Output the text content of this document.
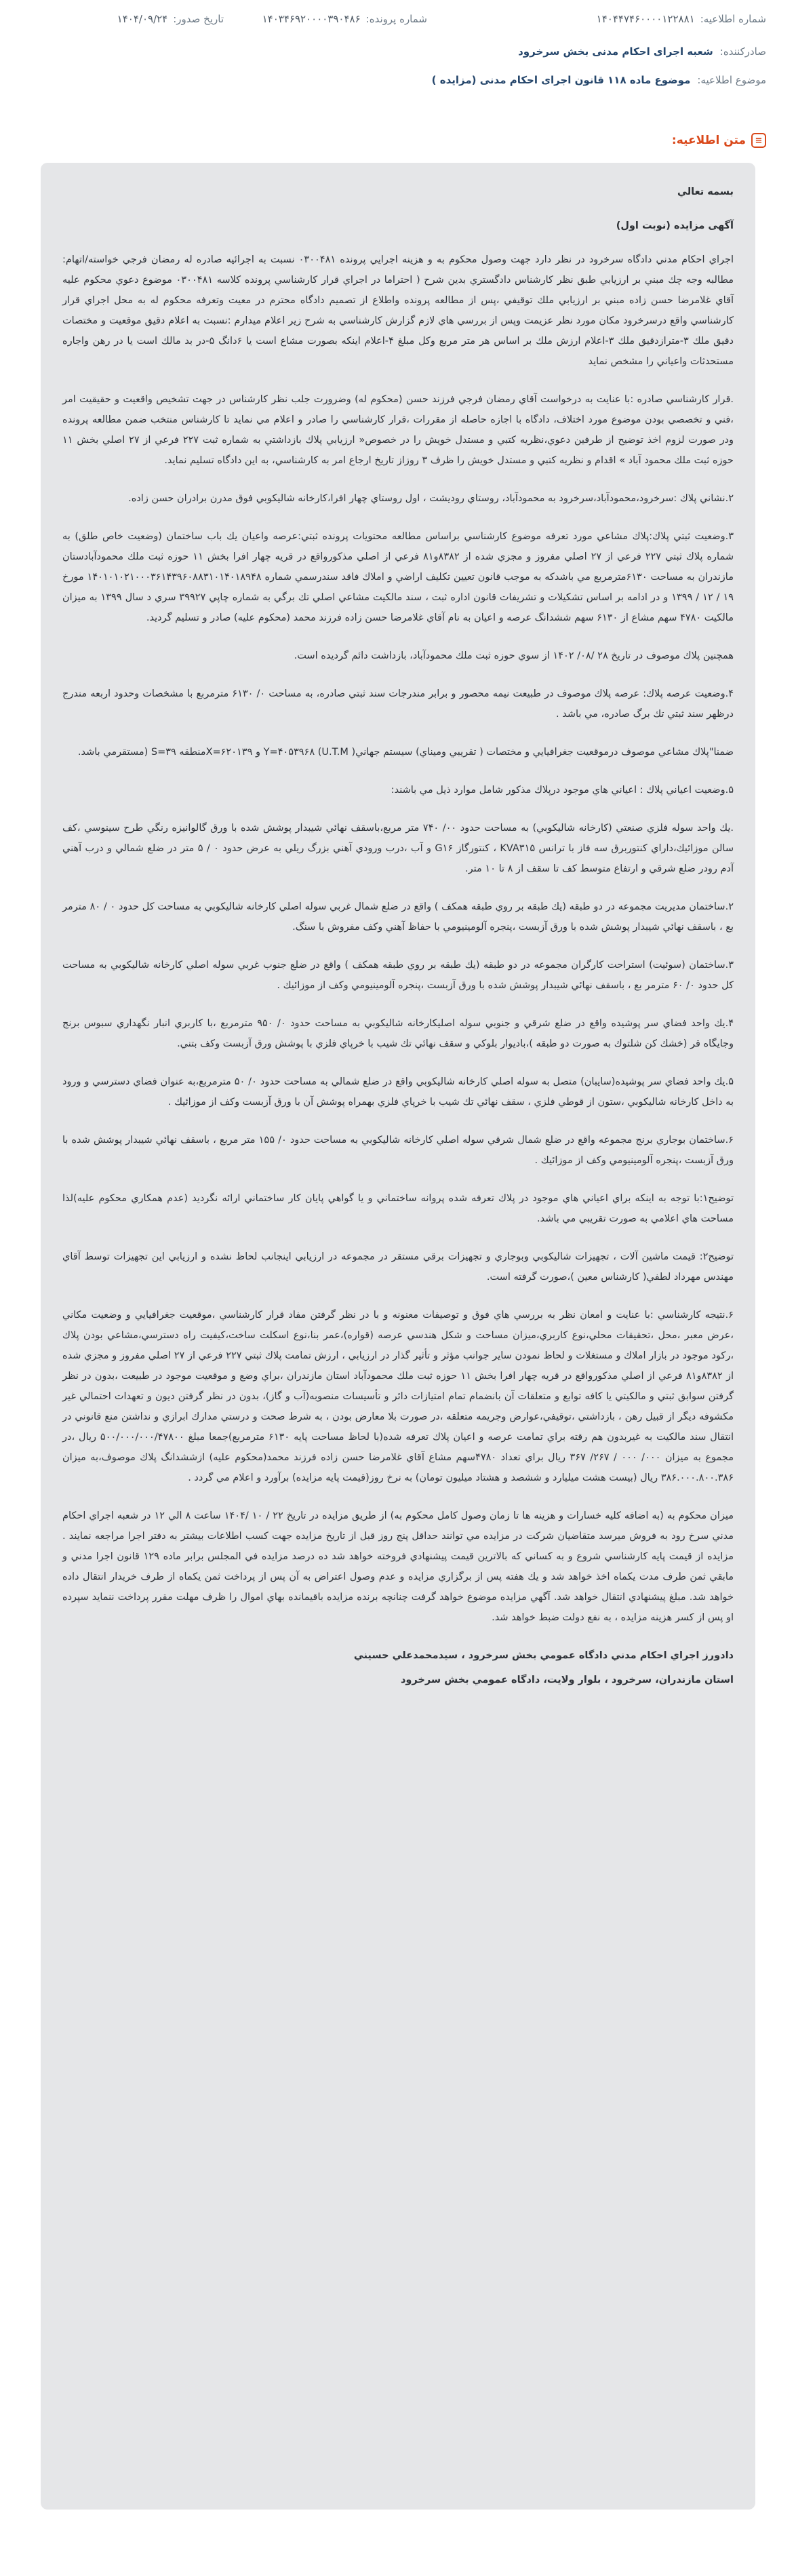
شماره اطلاعیه:
۱۴۰۴۴۷۴۶۰۰۰۰۱۲۲۸۸۱
شماره پرونده:
۱۴۰۳۴۶۹۲۰۰۰۰۳۹۰۴۸۶
تاریخ صدور:
۱۴۰۴/۰۹/۲۴
صادرکننده:
شعبه اجرای احکام مدنی بخش سرخرود
موضوع اطلاعیه:
موضوع ماده ۱۱۸ قانون اجرای احکام مدنی (مزایده )
≡
متن اطلاعیه:

بسمه تعالي

آگهی مزایده (نوبت اول)

اجراي احكام مدني دادگاه سرخرود در نظر دارد جهت وصول محكوم به و هزينه اجرايي پرونده ۰۳۰۰۴۸۱ نسبت به اجرائيه صادره له رمضان فرجي خواسته/اتهام: مطالبه وجه چك مبني بر ارزيابي طبق نظر كارشناس دادگستري بدين شرح ( احتراما در اجراي قرار كارشناسي پرونده كلاسه ۰۳۰۰۴۸۱ موضوع دعوي محكوم عليه آقاي غلامرضا حسن زاده مبني بر ارزيابي ملك توقيفي ،پس از مطالعه پرونده واطلاع از تصميم دادگاه محترم در معيت وتعرفه محكوم له به محل اجراي قرار كارشناسي واقع درسرخرود مكان مورد نظر عزيمت وپس از بررسي هاي لازم گزارش كارشناسي به شرح زير اعلام ميدارم :نسبت به اعلام دقيق موقعيت و مختصات دقيق ملك ۳-مترازدقيق ملك ۳-اعلام ارزش ملك بر اساس هر متر مربع وكل مبلغ ۴-اعلام اينكه بصورت مشاع است يا ۶دانگ ۵-در بد مالك است يا در رهن واجاره مستحدثات واعياني را مشخص نمايد

.قرار كارشناسي صادره :با عنايت به درخواست آقاي رمضان فرجي فرزند حسن (محكوم له) وضرورت جلب نظر كارشناس در جهت تشخيص واقعيت و حقيقيت امر ،فني و تخصصي بودن موضوع مورد اختلاف، دادگاه با اجازه حاصله از مقررات ،قرار كارشناسي را صادر و اعلام مي نمايد تا كارشناس منتخب ضمن مطالعه پرونده ودر صورت لزوم اخذ توضيح از طرفين دعوي،نظريه كتبي و مستدل خويش را در خصوص« ارزيابي پلاك بازداشتي به شماره ثبت ۲۲۷ فرعي از ۲۷ اصلي بخش ۱۱ حوزه ثبت ملك محمود آباد » اقدام و نظريه كتبي و مستدل خويش را ظرف ۳ روزاز تاريخ ارجاع امر به كارشناسي، به اين دادگاه تسليم نمايد.

۲.نشاني پلاك :سرخرود،محمودآباد،سرخرود به محمودآباد، روستاي روديشت ، اول روستاي چهار افرا،كارخانه شاليكوبي فوق مدرن برادران حسن زاده.

۳.وضعيت ثبتي پلاك:پلاك مشاعي مورد تعرفه موضوع كارشناسي براساس مطالعه محتويات پرونده ثبتي:عرصه واعيان يك باب ساختمان (وضعيت خاص طلق) به شماره پلاك ثبتي ۲۲۷ فرعي از ۲۷ اصلي مفروز و مجزي شده از ۸۳۸۲و۸۱ فرعي از اصلي مذكورواقع در قريه چهار افرا بخش ۱۱ حوزه ثبت ملك محمودآبادستان مازندران به مساحت ۶۱۳۰مترمربع مي باشدكه به موجب قانون تعيين تكليف اراضي و املاك فاقد سندرسمي شماره ۱۴۰۱۰۱۰۲۱۰۰۰۳۶۱۴۳۹۶۰۸۸۳۱۰۱۴۰۱۸۹۴۸ مورخ ۱۹ / ۱۲ / ۱۳۹۹ و در ادامه بر اساس تشكيلات و تشريفات قانون اداره ثبت ، سند مالكيت مشاعي اصلي تك برگي به شماره چاپي ۳۹۹۲۷ سري د سال ۱۳۹۹ به ميزان مالكيت ۴۷۸۰ سهم مشاع از ۶۱۳۰ سهم ششدانگ عرصه و اعيان به نام آقاي غلامرضا حسن زاده فرزند محمد (محكوم عليه) صادر و تسليم گرديد.

همچنين پلاك موصوف در تاريخ ۲۸ /۰۸/ ۱۴۰۲ از سوي حوزه ثبت ملك محمودآباد، بازداشت دائم گرديده است.

۴.وضعيت عرصه پلاك: عرصه پلاك موصوف در طبيعت نيمه محصور و برابر مندرجات سند ثبتي صادره، به مساحت ۰/ ۶۱۳۰ مترمربع با مشخصات وحدود اربعه مندرج درظهر سند ثبتي تك برگ صادره، مي باشد .

ضمنا"پلاك مشاعي موصوف درموقعيت جغرافيايي و مختصات ( تقريبي وميناي) سيستم جهاني( U.T.M) Y=۴۰۵۳۹۶۸ و X=۶۲۰۱۳۹منطقه S=۳۹ (مستقرمي باشد.

۵.وضعيت اعياني پلاك : اعياني هاي موجود درپلاك مذكور شامل موارد ذيل مي باشند:

.يك واحد سوله فلزي صنعتي (كارخانه شاليكوبي) به مساحت حدود ۰۰/ ۷۴۰ متر مربع،باسقف نهائي شيبدار پوشش شده با ورق گالوانيزه رنگي طرح سينوسي ،كف سالن موزائيك،داراي كنتوربرق سه فاز با ترانس KVA۳۱۵ ، كنتورگاز G۱۶ و آب ،درب ورودي آهني بزرگ ريلي به عرض حدود ۰ / ۵ متر در ضلع شمالي و درب آهني آدم رودر ضلع شرقي و ارتفاع متوسط كف تا سقف از ۸ تا ۱۰ متر.

۲.ساختمان مديريت مجموعه در دو طبقه (يك طبقه بر روي طبقه همكف ) واقع در ضلع شمال غربي سوله اصلي كارخانه شاليكوبي به مساحت كل حدود ۰ / ۸۰ مترمر بع ، باسقف نهائي شيبدار پوشش شده با ورق آزبست ،پنجره آلومينيومي با حفاظ آهني وكف مفروش با سنگ.

۳.ساختمان (سوئيت) استراحت كارگران مجموعه در دو طبقه (يك طبقه بر روي طبقه همكف ) واقع در ضلع جنوب غربي سوله اصلي كارخانه شاليكوبي به مساحت كل حدود ۰/ ۶۰ مترمر بع ، باسقف نهائي شيبدار پوشش شده با ورق آزبست ،پنجره آلومينيومي وكف از موزائيك .

۴.يك واحد فضاي سر پوشيده واقع در ضلع شرقي و جنوبي سوله اصليكارخانه شاليكوبي به مساحت حدود ۰/ ۹۵۰ مترمربع ،با كاربري انبار نگهداري سبوس برنج وجايگاه قر (خشك كن شلتوك به صورت دو طبقه )،باديوار بلوكي و سقف نهائي تك شيب با خرپاي فلزي با پوشش ورق آزبست وكف بتني.

۵.يك واحد فضاي سر پوشيده(سايبان) متصل به سوله اصلي كارخانه شاليكوبي واقع در ضلع شمالي به مساحت حدود ۰/ ۵۰ مترمربع،به عنوان فضاي دسترسي و ورود به داخل كارخانه شاليكوبي ،ستون از قوطي فلزي ، سقف نهائي تك شيب با خرپاي فلزي بهمراه پوشش آن با ورق آزبست وكف از موزائيك .

۶.ساختمان بوجاري برنج مجموعه واقع در ضلع شمال شرقي سوله اصلي كارخانه شاليكوبي به مساحت حدود ۰/ ۱۵۵ متر مربع ، باسقف نهائي شيبدار پوشش شده با ورق آزبست ،پنجره آلومينيومي وكف از موزائيك .

توضيح۱:با توجه به اينكه براي اعياني هاي موجود در پلاك تعرفه شده پروانه ساختماني و يا گواهي پايان كار ساختماني ارائه نگرديد (عدم همكاري محكوم عليه)لذا مساحت هاي اعلامي به صورت تقريبي مي باشد.

توضيح۲: قيمت ماشين آلات ، تجهيزات شاليكوبي وبوجاري و تجهيزات برقي مستقر در مجموعه در ارزيابي اينجانب لحاظ نشده و ارزيابي اين تجهيزات توسط آقاي مهندس مهرداد لطفي( كارشناس معين )،صورت گرفته است.

۶.نتيجه كارشناسي :با عنايت و امعان نظر به بررسي هاي فوق و توصيفات معنونه و با در نظر گرفتن مفاد قرار كارشناسي ،موقعيت جغرافيايي و وضعيت مكاني ،عرض معبر ،محل ،تحقيقات محلي،نوع كاربري،ميزان مساحت و شكل هندسي عرصه (قواره)،عمر بنا،نوع اسكلت ساخت،كيفيت راه دسترسي،مشاعي بودن پلاك ،ركود موجود در بازار املاك و مستغلات و لحاظ نمودن ساير جوانب مؤثر و تأثير گذار در ارزيابي ، ارزش تمامت پلاك ثبتي ۲۲۷ فرعي از ۲۷ اصلي مفروز و مجزي شده از ۸۳۸۲و۸۱ فرعي از اصلي مذكورواقع در قريه چهار افرا بخش ۱۱ حوزه ثبت ملك محمودآباد استان مازندران ،براي وضع و موقعيت موجود در طبيعت ،بدون در نظر گرفتن سوابق ثبتي و مالكيتي يا كافه توابع و متعلقات آن بانضمام تمام امتيازات دائر و تأسيسات منصوبه(آب و گاز)، بدون در نظر گرفتن ديون و تعهدات احتمالي غير مكشوفه ديگر از قبيل رهن ، بازداشتي ،توقيفي،عوارض وجريمه متعلقه ،در صورت بلا معارض بودن ، به شرط صحت و درستي مدارك ابرازي و نداشتن منع قانوني در انتقال سند مالكيت به غيربدون هم رقته براي تمامت عرصه و اعيان پلاك تعرفه شده(با لحاظ مساحت پايه ۶۱۳۰ مترمربع)جمعا مبلغ ۵۰۰/۰۰۰/۰۰۰/۴۷۸۰۰ ريال ،در مجموع به ميزان ۰۰۰/ ۰۰۰ / ۲۶۷/ ۳۶۷ ريال براي تعداد ۴۷۸۰سهم مشاع آقاي غلامرضا حسن زاده فرزند محمد(محكوم عليه) ازششدانگ پلاك موصوف،به ميزان ۳۸۶.۰۰۰.۸۰۰.۳۸۶ ريال (بيست هشت ميليارد و ششصد و هشتاد ميليون تومان) به نرخ روز(قيمت پايه مزايده) برآورد و اعلام مي گردد .

ميزان محكوم به (به اضافه كليه خسارات و هزينه ها تا زمان وصول كامل محكوم به) از طريق مزايده در تاريخ ۲۲ / ۱۰ /۱۴۰۴ ساعت ۸ الي ۱۲ در شعبه اجراي احكام مدني سرخ رود به فروش ميرسد متقاضيان شركت در مزايده مي توانند حداقل پنج روز قبل از تاريخ مزايده جهت كسب اطلاعات بيشتر به دفتر اجرا مراجعه نمايند . مزايده از قيمت پايه كارشناسي شروع و به كساني كه بالاترين قيمت پيشنهادي فروخته خواهد شد ده درصد مزايده في المجلس برابر ماده ۱۲۹ قانون اجرا مدني و مابقي ثمن طرف مدت يكماه اخذ خواهد شد و يك هفته پس از برگزاري مزايده و عدم وصول اعتراض به آن پس از پرداخت ثمن يكماه از طرف خريدار انتقال داده خواهد شد. مبلغ پيشنهادي انتقال خواهد شد. آگهي مزايده موضوع خواهد گرفت چنانچه برنده مزايده باقيمانده بهاي اموال را ظرف مهلت مقرر پرداخت ننمايد سپرده او پس از كسر هزينه مزايده ، به نفع دولت ضبط خواهد شد.

دادورز اجراي احكام مدني دادگاه عمومي بخش سرخرود ، سيدمحمدعلي حسيني

استان مازندران، سرخرود ، بلوار ولايت، دادگاه عمومي بخش سرخرود
